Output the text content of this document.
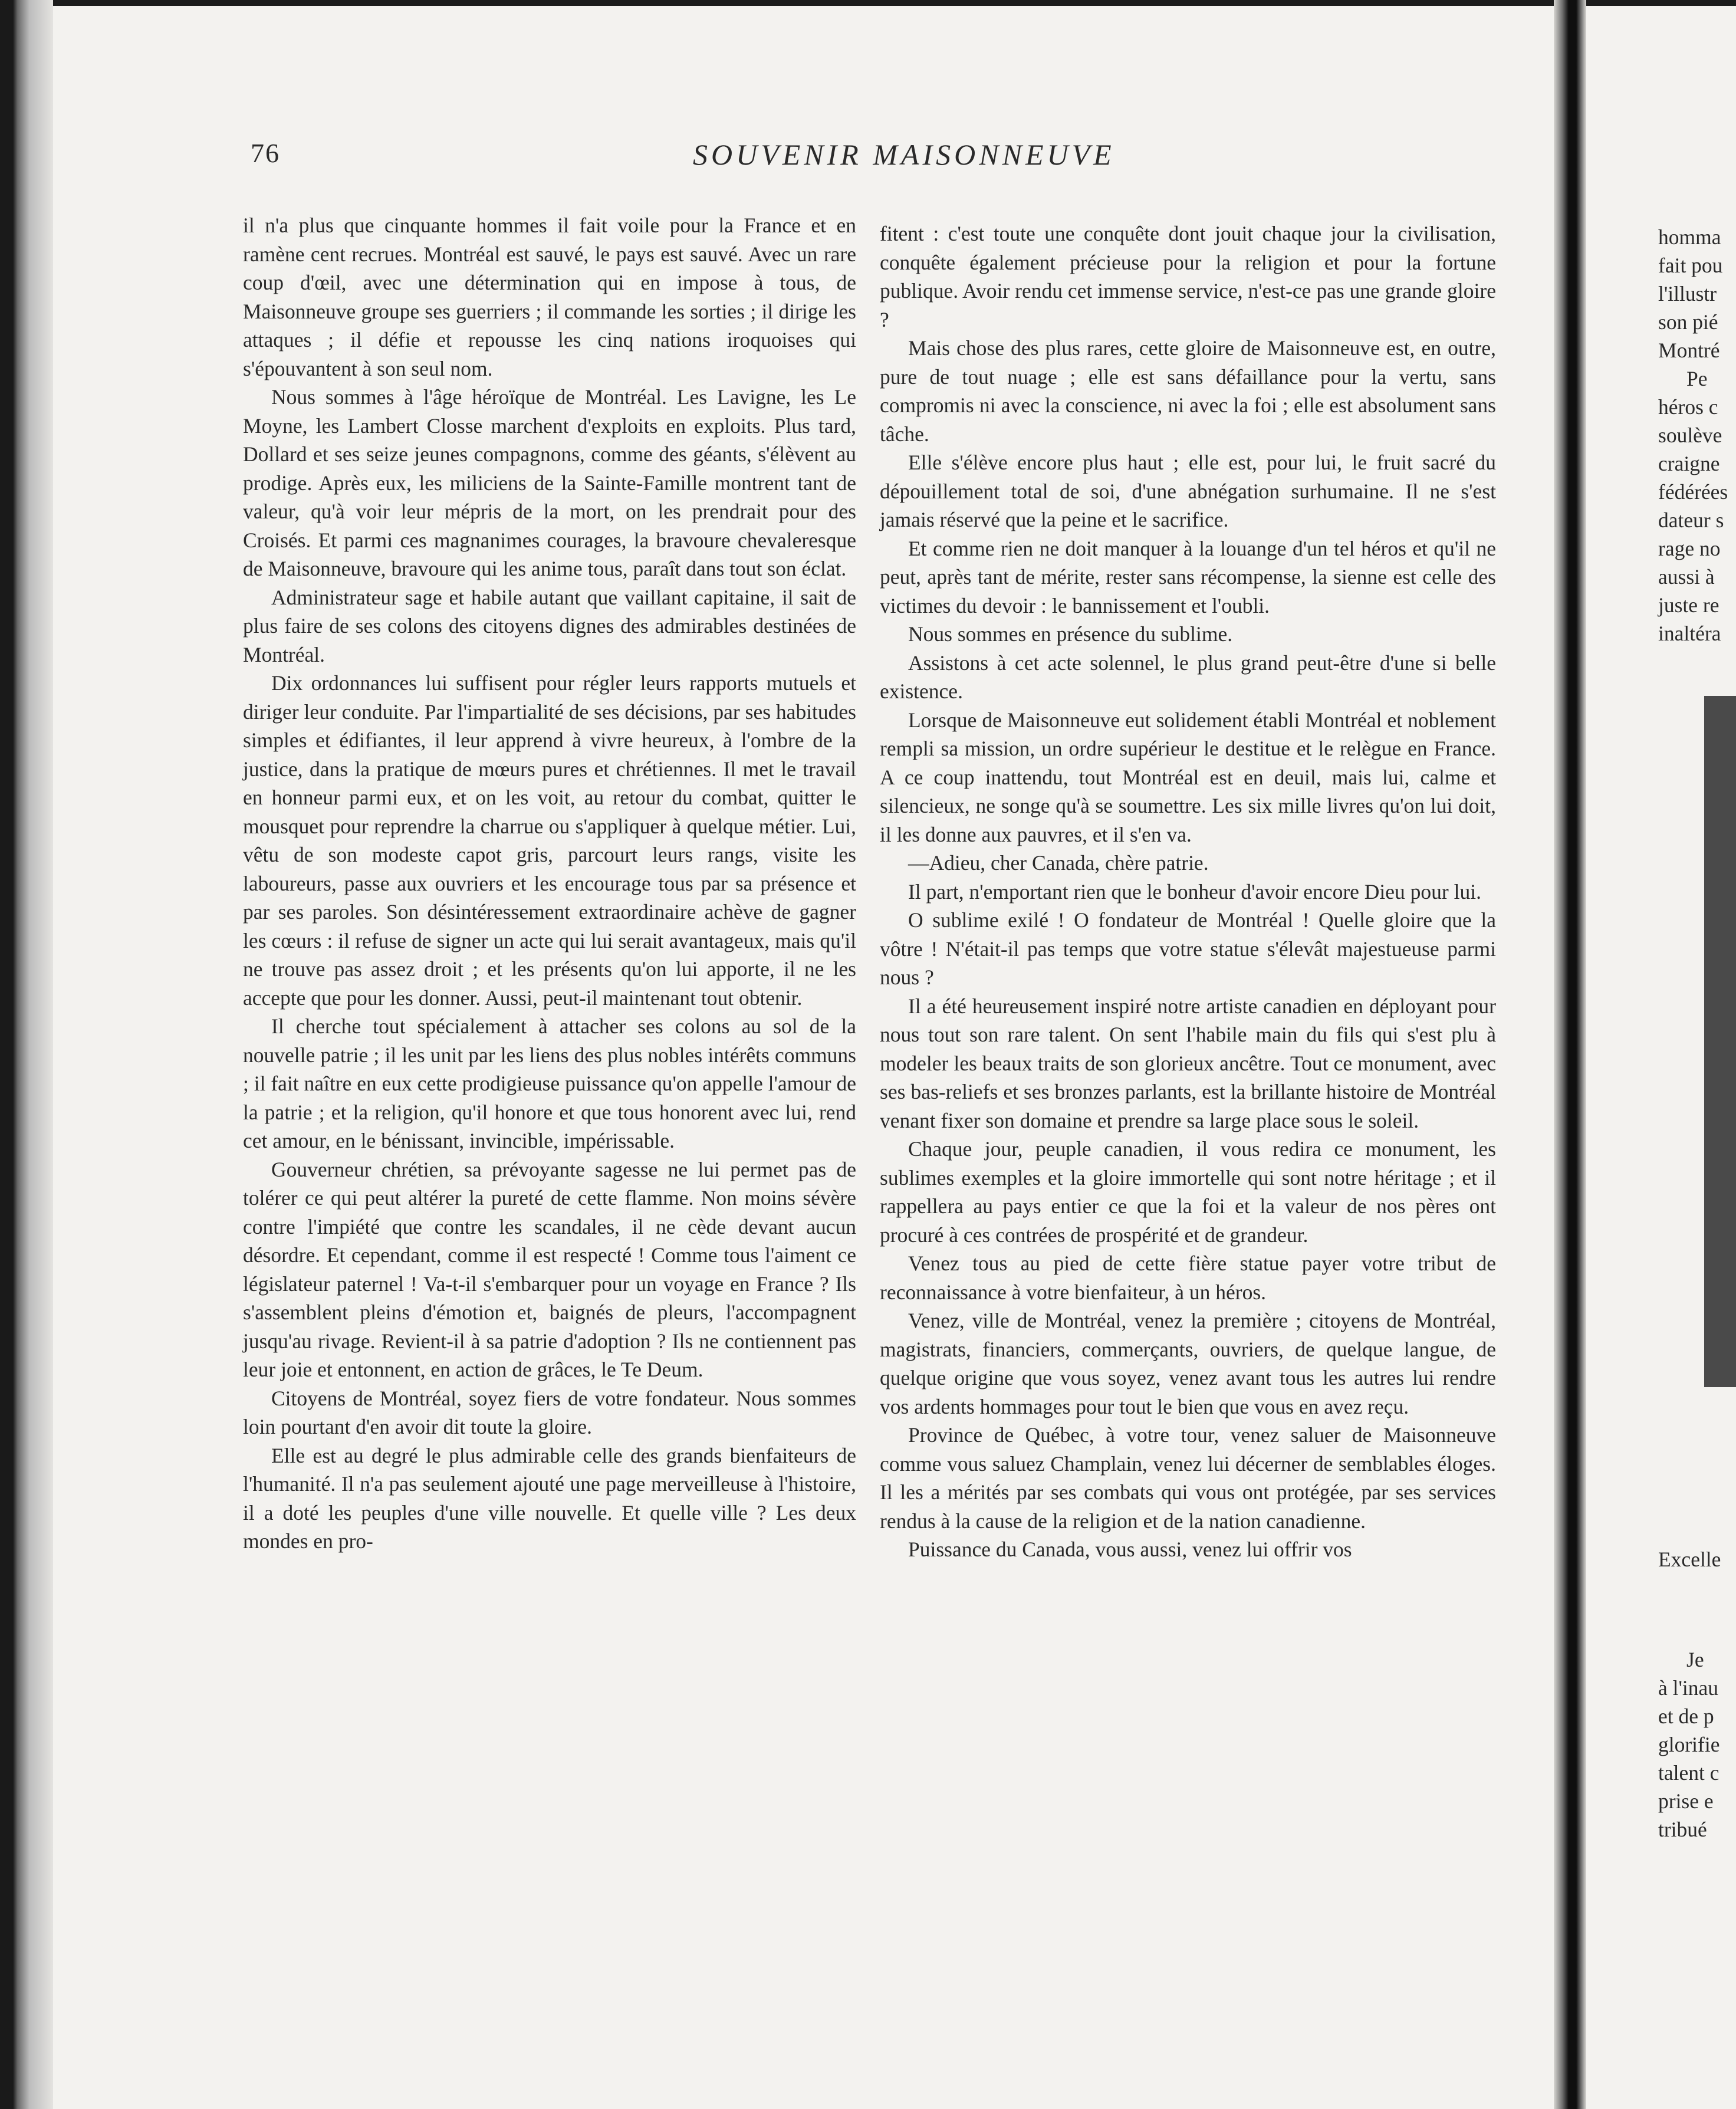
76	SOUVENIR MAISONNEUVE

il n'a plus que cinquante hommes il fait voile pour la France et en ramène cent recrues. Montréal est sauvé, le pays est sauvé. Avec un rare coup d'œil, avec une détermination qui en impose à tous, de Maisonneuve groupe ses guerriers ; il commande les sorties ; il dirige les attaques ; il défie et repousse les cinq nations iroquoises qui s'épouvantent à son seul nom.

Nous sommes à l'âge héroïque de Montréal. Les Lavigne, les Le Moyne, les Lambert Closse marchent d'exploits en exploits. Plus tard, Dollard et ses seize jeunes compagnons, comme des géants, s'élèvent au prodige. Après eux, les miliciens de la Sainte-Famille montrent tant de valeur, qu'à voir leur mépris de la mort, on les prendrait pour des Croisés. Et parmi ces magnanimes courages, la bravoure chevaleresque de Maisonneuve, bravoure qui les anime tous, paraît dans tout son éclat.

Administrateur sage et habile autant que vaillant capitaine, il sait de plus faire de ses colons des citoyens dignes des admirables destinées de Montréal.

Dix ordonnances lui suffisent pour régler leurs rapports mutuels et diriger leur conduite. Par l'impartialité de ses décisions, par ses habitudes simples et édifiantes, il leur apprend à vivre heureux, à l'ombre de la justice, dans la pratique de mœurs pures et chrétiennes. Il met le travail en honneur parmi eux, et on les voit, au retour du combat, quitter le mousquet pour reprendre la charrue ou s'appliquer à quelque métier. Lui, vêtu de son modeste capot gris, parcourt leurs rangs, visite les laboureurs, passe aux ouvriers et les encourage tous par sa présence et par ses paroles. Son désintéressement extraordinaire achève de gagner les cœurs : il refuse de signer un acte qui lui serait avantageux, mais qu'il ne trouve pas assez droit ; et les présents qu'on lui apporte, il ne les accepte que pour les donner. Aussi, peut-il maintenant tout obtenir.

Il cherche tout spécialement à attacher ses colons au sol de la nouvelle patrie ; il les unit par les liens des plus nobles intérêts communs ; il fait naître en eux cette prodigieuse puissance qu'on appelle l'amour de la patrie ; et la religion, qu'il honore et que tous honorent avec lui, rend cet amour, en le bénissant, invincible, impérissable.

Gouverneur chrétien, sa prévoyante sagesse ne lui permet pas de tolérer ce qui peut altérer la pureté de cette flamme. Non moins sévère contre l'impiété que contre les scandales, il ne cède devant aucun désordre. Et cependant, comme il est respecté ! Comme tous l'aiment ce législateur paternel ! Va-t-il s'embarquer pour un voyage en France ? Ils s'assemblent pleins d'émotion et, baignés de pleurs, l'accompagnent jusqu'au rivage. Revient-il à sa patrie d'adoption ? Ils ne contiennent pas leur joie et entonnent, en action de grâces, le Te Deum.

Citoyens de Montréal, soyez fiers de votre fondateur. Nous sommes loin pourtant d'en avoir dit toute la gloire.

Elle est au degré le plus admirable celle des grands bienfaiteurs de l'humanité. Il n'a pas seulement ajouté une page merveilleuse à l'histoire, il a doté les peuples d'une ville nouvelle. Et quelle ville ? Les deux mondes en pro-

fitent : c'est toute une conquête dont jouit chaque jour la civilisation, conquête également précieuse pour la religion et pour la fortune publique. Avoir rendu cet immense service, n'est-ce pas une grande gloire ?

Mais chose des plus rares, cette gloire de Maisonneuve est, en outre, pure de tout nuage ; elle est sans défaillance pour la vertu, sans compromis ni avec la conscience, ni avec la foi ; elle est absolument sans tâche.

Elle s'élève encore plus haut ; elle est, pour lui, le fruit sacré du dépouillement total de soi, d'une abnégation surhumaine. Il ne s'est jamais réservé que la peine et le sacrifice.

Et comme rien ne doit manquer à la louange d'un tel héros et qu'il ne peut, après tant de mérite, rester sans récompense, la sienne est celle des victimes du devoir : le bannissement et l'oubli.

Nous sommes en présence du sublime.

Assistons à cet acte solennel, le plus grand peut-être d'une si belle existence.

Lorsque de Maisonneuve eut solidement établi Montréal et noblement rempli sa mission, un ordre supérieur le destitue et le relègue en France. A ce coup inattendu, tout Montréal est en deuil, mais lui, calme et silencieux, ne songe qu'à se soumettre. Les six mille livres qu'on lui doit, il les donne aux pauvres, et il s'en va.

—Adieu, cher Canada, chère patrie.

Il part, n'emportant rien que le bonheur d'avoir encore Dieu pour lui.

O sublime exilé ! O fondateur de Montréal ! Quelle gloire que la vôtre ! N'était-il pas temps que votre statue s'élevât majestueuse parmi nous ?

Il a été heureusement inspiré notre artiste canadien en déployant pour nous tout son rare talent. On sent l'habile main du fils qui s'est plu à modeler les beaux traits de son glorieux ancêtre. Tout ce monument, avec ses bas-reliefs et ses bronzes parlants, est la brillante histoire de Montréal venant fixer son domaine et prendre sa large place sous le soleil.

Chaque jour, peuple canadien, il vous redira ce monument, les sublimes exemples et la gloire immortelle qui sont notre héritage ; et il rappellera au pays entier ce que la foi et la valeur de nos pères ont procuré à ces contrées de prospérité et de grandeur.

Venez tous au pied de cette fière statue payer votre tribut de reconnaissance à votre bienfaiteur, à un héros.

Venez, ville de Montréal, venez la première ; citoyens de Montréal, magistrats, financiers, commerçants, ouvriers, de quelque langue, de quelque origine que vous soyez, venez avant tous les autres lui rendre vos ardents hommages pour tout le bien que vous en avez reçu.

Province de Québec, à votre tour, venez saluer de Maisonneuve comme vous saluez Champlain, venez lui décerner de semblables éloges. Il les a mérités par ses combats qui vous ont protégée, par ses services rendus à la cause de la religion et de la nation canadienne.

Puissance du Canada, vous aussi, venez lui offrir vos

homma
fait pou
l'illustr
son pié
Montré
Pe
héros c
soulève
craigne
fédérées
dateur s
rage no
aussi à
juste re
inaltéra
Excelle
Je
à l'inau
et de p
glorifie
talent c
prise e
tribué
